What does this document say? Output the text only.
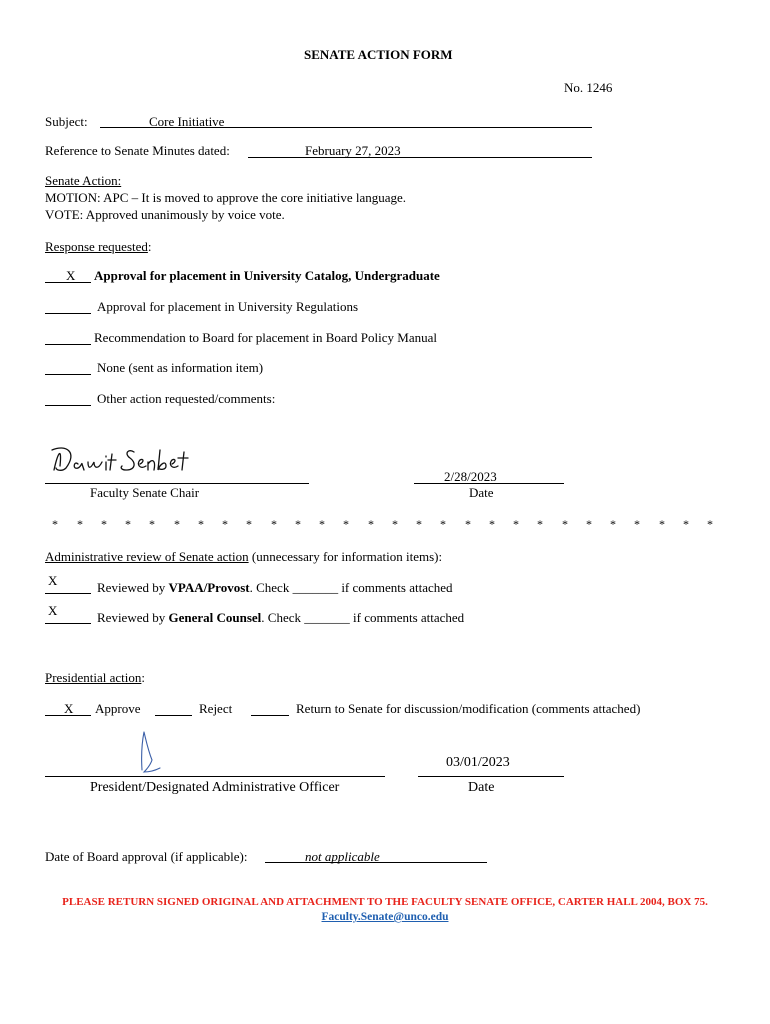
SENATE ACTION FORM
No. 1246
Subject:	Core Initiative
Reference to Senate Minutes dated:	February 27, 2023
Senate Action:
MOTION: APC – It is moved to approve the core initiative language.
VOTE: Approved unanimously by voice vote.
Response requested:
X Approval for placement in University Catalog, Undergraduate
Approval for placement in University Regulations
Recommendation to Board for placement in Board Policy Manual
None (sent as information item)
Other action requested/comments:
Faculty Senate Chair
2/28/2023
Date
* * * * * * * * * * * * * * * * * * * * * * * * * * * *
Administrative review of Senate action (unnecessary for information items):
X	Reviewed by VPAA/Provost. Check _______ if comments attached
X	Reviewed by General Counsel. Check _______ if comments attached
Presidential action:
X Approve	Reject	Return to Senate for discussion/modification (comments attached)
President/Designated Administrative Officer
03/01/2023
Date
Date of Board approval (if applicable):	not applicable
PLEASE RETURN SIGNED ORIGINAL AND ATTACHMENT TO THE FACULTY SENATE OFFICE, CARTER HALL 2004, BOX 75.
Faculty.Senate@unco.edu
